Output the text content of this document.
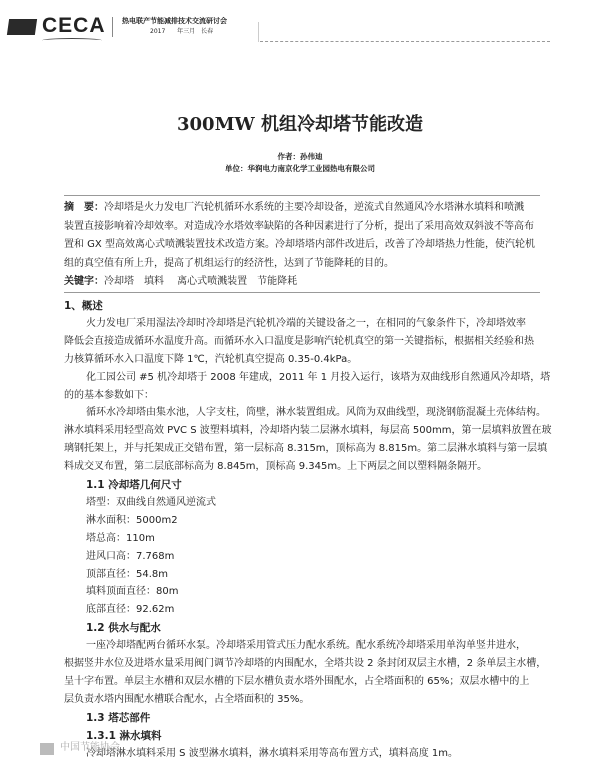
CECA 热电联产节能减排技术交流研讨会
2017 年三月　长春
300MW 机组冷却塔节能改造
作者：孙伟迪
单位：华润电力南京化学工业园热电有限公司
摘　要：冷却塔是火力发电厂汽轮机循环水系统的主要冷却设备，逆流式自然通风冷水塔淋水填料和喷溅
装置直接影响着冷却效率。对造成冷水塔效率缺陷的各种因素进行了分析，提出了采用高效双斜波不等高布
置和 GX 型高效离心式喷溅装置技术改造方案。冷却塔塔内部件改进后，改善了冷却塔热力性能，使汽轮机
组的真空值有所上升，提高了机组运行的经济性，达到了节能降耗的目的。
关键字：冷却塔　填料　 离心式喷溅装置　节能降耗
1、概述
火力发电厂采用湿法冷却时冷却塔是汽轮机冷端的关键设备之一，在相同的气象条件下，冷却塔效率
降低会直接造成循环水温度升高。而循环水入口温度是影响汽轮机真空的第一关键指标，根据相关经验和热
力核算循环水入口温度下降 1℃，汽轮机真空提高 0.35-0.4kPa。
化工园公司 #5 机冷却塔于 2008 年建成，2011 年 1 月投入运行，该塔为双曲线形自然通风冷却塔，塔
的的基本参数如下：
循环水冷却塔由集水池，人字支柱，筒壁，淋水装置组成。风筒为双曲线型，现浇钢筋混凝土壳体结构。
淋水填料采用轻型高效 PVC S 波塑料填料，冷却塔内装二层淋水填料，每层高 500mm，第一层填料放置在玻
璃钢托架上，并与托架成正交错布置，第一层标高 8.315m，顶标高为 8.815m。第二层淋水填料与第一层填
料成交叉布置，第二层底部标高为 8.845m，顶标高 9.345m。上下两层之间以塑料隔条隔开。
1.1 冷却塔几何尺寸
塔型：双曲线自然通风逆流式
淋水面积：5000m2
塔总高：110m
进风口高：7.768m
顶部直径：54.8m
填料顶面直径：80m
底部直径：92.62m
1.2 供水与配水
一座冷却塔配两台循环水泵。冷却塔采用管式压力配水系统。配水系统冷却塔采用单沟单竖井进水，
根据竖井水位及进塔水量采用阀门调节冷却塔的内围配水，全塔共设 2 条封闭双层主水槽，2 条单层主水槽，
呈十字布置。单层主水槽和双层水槽的下层水槽负责水塔外围配水，占全塔面积的 65%；双层水槽中的上
层负责水塔内围配水槽联合配水，占全塔面积的 35%。
1.3 塔芯部件
1.3.1 淋水填料
冷却塔淋水填料采用 S 波型淋水填料，淋水填料采用等高布置方式，填料高度 1m。
中国节能协会
